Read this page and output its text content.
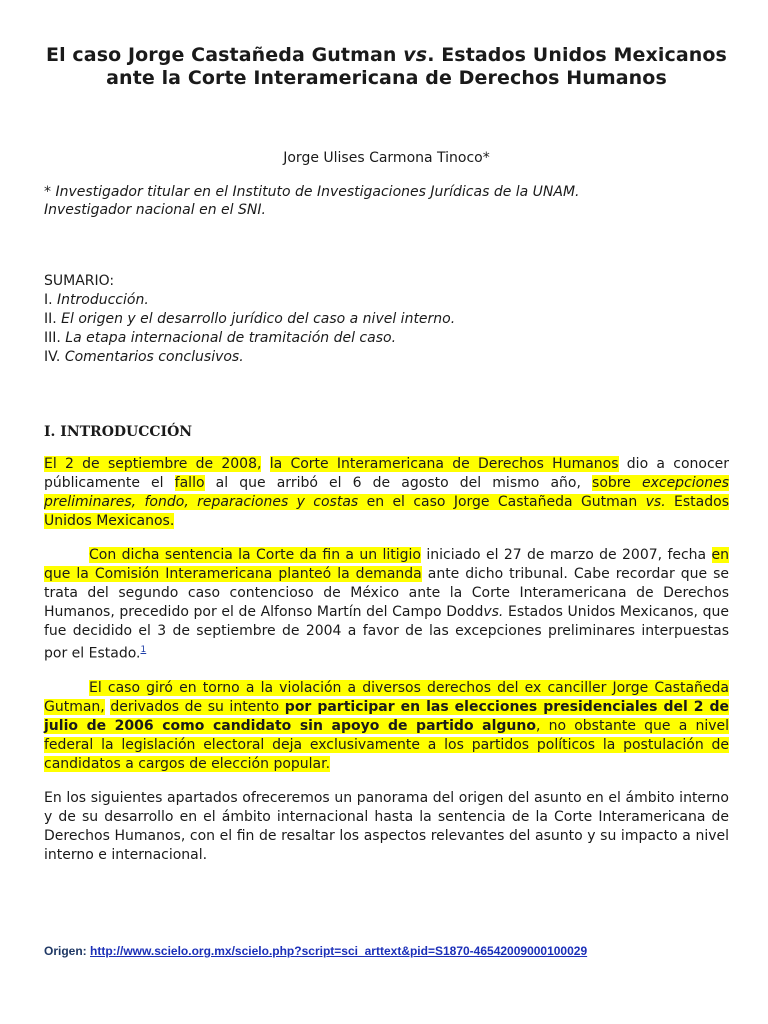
El caso Jorge Castañeda Gutman vs. Estados Unidos Mexicanos ante la Corte Interamericana de Derechos Humanos
Jorge Ulises Carmona Tinoco*
* Investigador titular en el Instituto de Investigaciones Jurídicas de la UNAM.
Investigador nacional en el SNI.
SUMARIO:
I. Introducción.
II. El origen y el desarrollo jurídico del caso a nivel interno.
III. La etapa internacional de tramitación del caso.
IV. Comentarios conclusivos.
I. INTRODUCCIÓN

El 2 de septiembre de 2008, la Corte Interamericana de Derechos Humanos dio a conocer públicamente el fallo al que arribó el 6 de agosto del mismo año, sobre excepciones preliminares, fondo, reparaciones y costas en el caso Jorge Castañeda Gutman vs. Estados Unidos Mexicanos.

Con dicha sentencia la Corte da fin a un litigio iniciado el 27 de marzo de 2007, fecha en que la Comisión Interamericana planteó la demanda ante dicho tribunal. Cabe recordar que se trata del segundo caso contencioso de México ante la Corte Interamericana de Derechos Humanos, precedido por el de Alfonso Martín del Campo Doddvs. Estados Unidos Mexicanos, que fue decidido el 3 de septiembre de 2004 a favor de las excepciones preliminares interpuestas por el Estado.$^1$

El caso giró en torno a la violación a diversos derechos del ex canciller Jorge Castañeda Gutman, derivados de su intento por participar en las elecciones presidenciales del 2 de julio de 2006 como candidato sin apoyo de partido alguno, no obstante que a nivel federal la legislación electoral deja exclusivamente a los partidos políticos la postulación de candidatos a cargos de elección popular.

En los siguientes apartados ofreceremos un panorama del origen del asunto en el ámbito interno y de su desarrollo en el ámbito internacional hasta la sentencia de la Corte Interamericana de Derechos Humanos, con el fin de resaltar los aspectos relevantes del asunto y su impacto a nivel interno e internacional.

Origen: http://www.scielo.org.mx/scielo.php?script=sci_arttext&pid=S1870-46542009000100029
